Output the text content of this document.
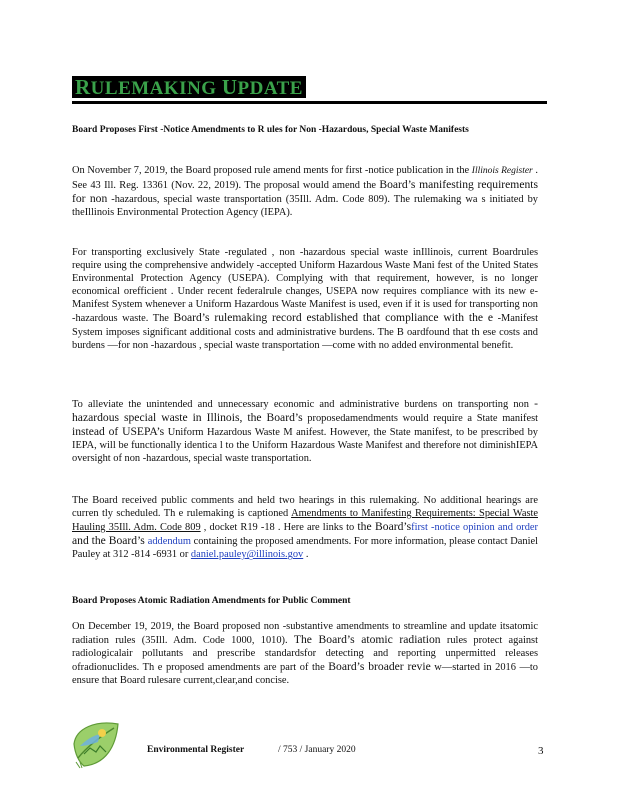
RULEMAKING UPDATE
Board Proposes First -Notice Amendments to R ules for Non -Hazardous, Special Waste Manifests
On November 7, 2019, the Board proposed rule amend ments for first -notice publication in the Illinois Register . See 43 Ill. Reg. 13361 (Nov. 22, 2019). The proposal would amend the Board’s manifesting requirements for non -hazardous, special waste transportation (35Ill. Adm. Code 809). The rulemaking wa s initiated by theIllinois Environmental Protection Agency (IEPA).
For transporting exclusively State -regulated , non -hazardous special waste inIllinois, current Boardrules require using the comprehensive andwidely -accepted Uniform Hazardous Waste Mani fest of the United States Environmental Protection Agency (USEPA). Complying with that requirement, however, is no longer economical orefficient . Under recent federalrule changes, USEPA now requires compliance with its new e-Manifest System whenever a Uniform Hazardous Waste Manifest is used, even if it is used for transporting non -hazardous waste. The Board’s rulemaking record established that compliance with the e -Manifest System imposes significant additional costs and administrative burdens. The B oardfound that th ese costs and burdens —for non -hazardous , special waste transportation —come with no added environmental benefit.
To alleviate the unintended and unnecessary economic and administrative burdens on transporting non -hazardous special waste in Illinois, the Board’s proposedamendments would require a State manifest instead of USEPA’s Uniform Hazardous Waste M anifest. However, the State manifest, to be prescribed by IEPA, will be functionally identica l to the Uniform Hazardous Waste Manifest and therefore not diminishIEPA oversight of non -hazardous, special waste transportation.
The Board received public comments and held two hearings in this rulemaking. No additional hearings are curren tly scheduled. Th e rulemaking is captioned Amendments to Manifesting Requirements: Special Waste Hauling 35Ill. Adm. Code 809 , docket R19 -18 . Here are links to the Board’sfirst -notice opinion and order and the Board’s addendum containing the proposed amendments. For more information, please contact Daniel Pauley at 312 -814 -6931 or daniel.pauley@illinois.gov .
Board Proposes Atomic Radiation Amendments for Public Comment
On December 19, 2019, the Board proposed non -substantive amendments to streamline and update itsatomic radiation rules (35Ill. Adm. Code 1000, 1010). The Board’s atomic radiation rules protect against radiologicalair pollutants and prescribe standardsfor detecting and reporting unpermitted releases ofradionuclides. Th e proposed amendments are part of the Board’s broader revie w—started in 2016 —to ensure that Board rulesare current,clear,and concise.
Environmental Register	/ 753 / January 2020	3
